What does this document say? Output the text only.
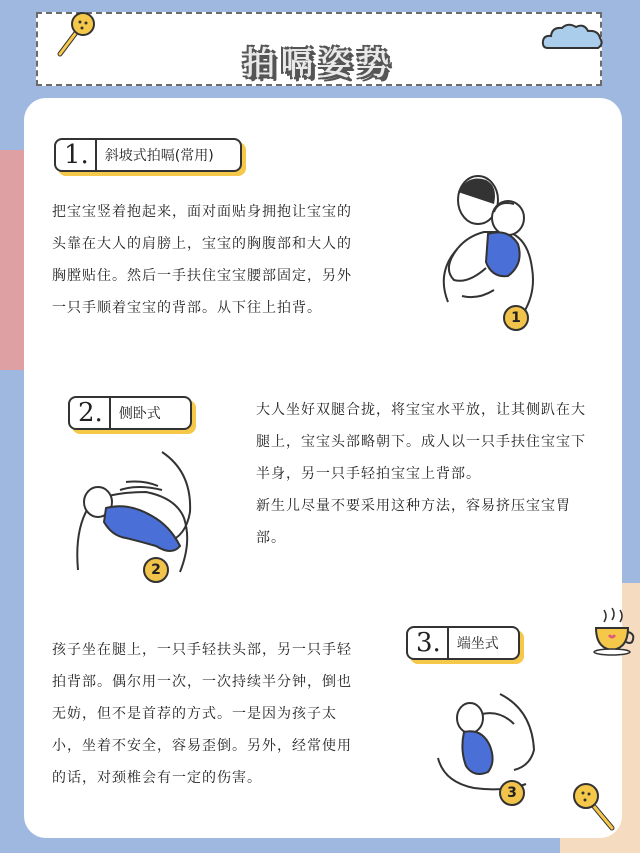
拍嗝姿势
1. 斜坡式拍嗝(常用)

把宝宝竖着抱起来，面对面贴身拥抱让宝宝的头靠在大人的肩膀上，宝宝的胸腹部和大人的胸膛贴住。然后一手扶住宝宝腰部固定，另外一只手顺着宝宝的背部。从下往上拍背。

1
2. 侧卧式	大人坐好双腿合拢，将宝宝水平放，让其侧趴在大腿上，宝宝头部略朝下。成人以一只手扶住宝宝下半身，另一只手轻拍宝宝上背部。

新生儿尽量不要采用这种方法，容易挤压宝宝胃部。

2
3. 端坐式

孩子坐在腿上，一只手轻扶头部，另一只手轻拍背部。偶尔用一次，一次持续半分钟，倒也无妨，但不是首荐的方式。一是因为孩子太小，坐着不安全，容易歪倒。另外，经常使用的话，对颈椎会有一定的伤害。

3
